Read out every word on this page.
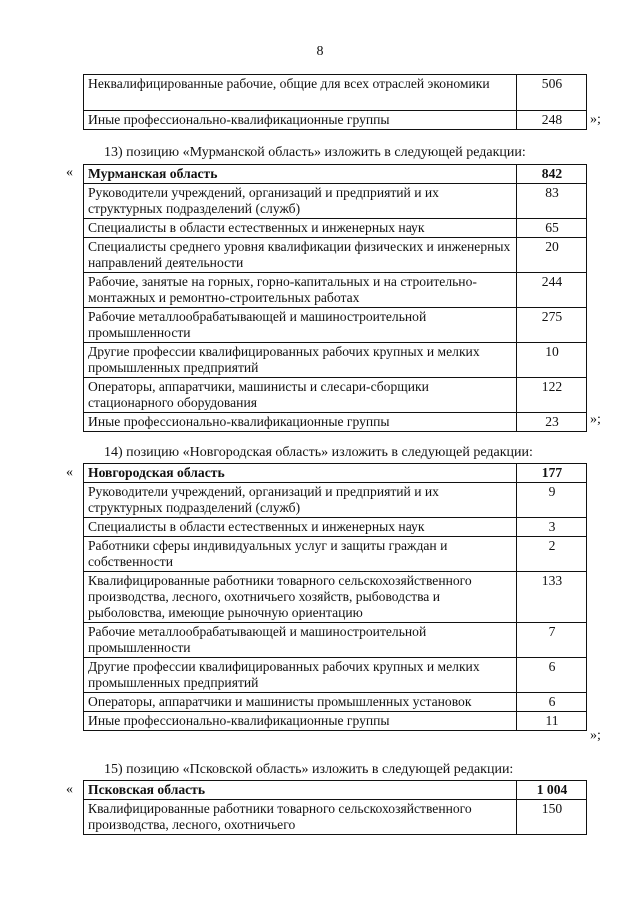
8
Неквалифицированные рабочие, общие для всех отраслей экономики	506
Иные профессионально-квалификационные группы	248 »;
13) позицию «Мурманской область» изложить в следующей редакции:
« Мурманская область	842
Руководители учреждений, организаций и предприятий и их структурных подразделений (служб)	83
Специалисты в области естественных и инженерных наук	65
Специалисты среднего уровня квалификации физических и инженерных направлений деятельности	20
Рабочие, занятые на горных, горно-капитальных и на строительно-монтажных и ремонтно-строительных работах	244
Рабочие металлообрабатывающей и машиностроительной промышленности	275
Другие профессии квалифицированных рабочих крупных и мелких промышленных предприятий	10
Операторы, аппаратчики, машинисты и слесари-сборщики стационарного оборудования	122
Иные профессионально-квалификационные группы	23 »;
14) позицию «Новгородская область» изложить в следующей редакции:
« Новгородская область	177
Руководители учреждений, организаций и предприятий и их структурных подразделений (служб)	9
Специалисты в области естественных и инженерных наук	3
Работники сферы индивидуальных услуг и защиты граждан и собственности	2
Квалифицированные работники товарного сельскохозяйственного производства, лесного, охотничьего хозяйств, рыбоводства и рыболовства, имеющие рыночную ориентацию	133
Рабочие металлообрабатывающей и машиностроительной промышленности	7
Другие профессии квалифицированных рабочих крупных и мелких промышленных предприятий	6
Операторы, аппаратчики и машинисты промышленных установок	6
Иные профессионально-квалификационные группы	11
»;
15) позицию «Псковской область» изложить в следующей редакции:
« Псковская область	1 004
Квалифицированные работники товарного сельскохозяйственного производства, лесного, охотничьего	150
